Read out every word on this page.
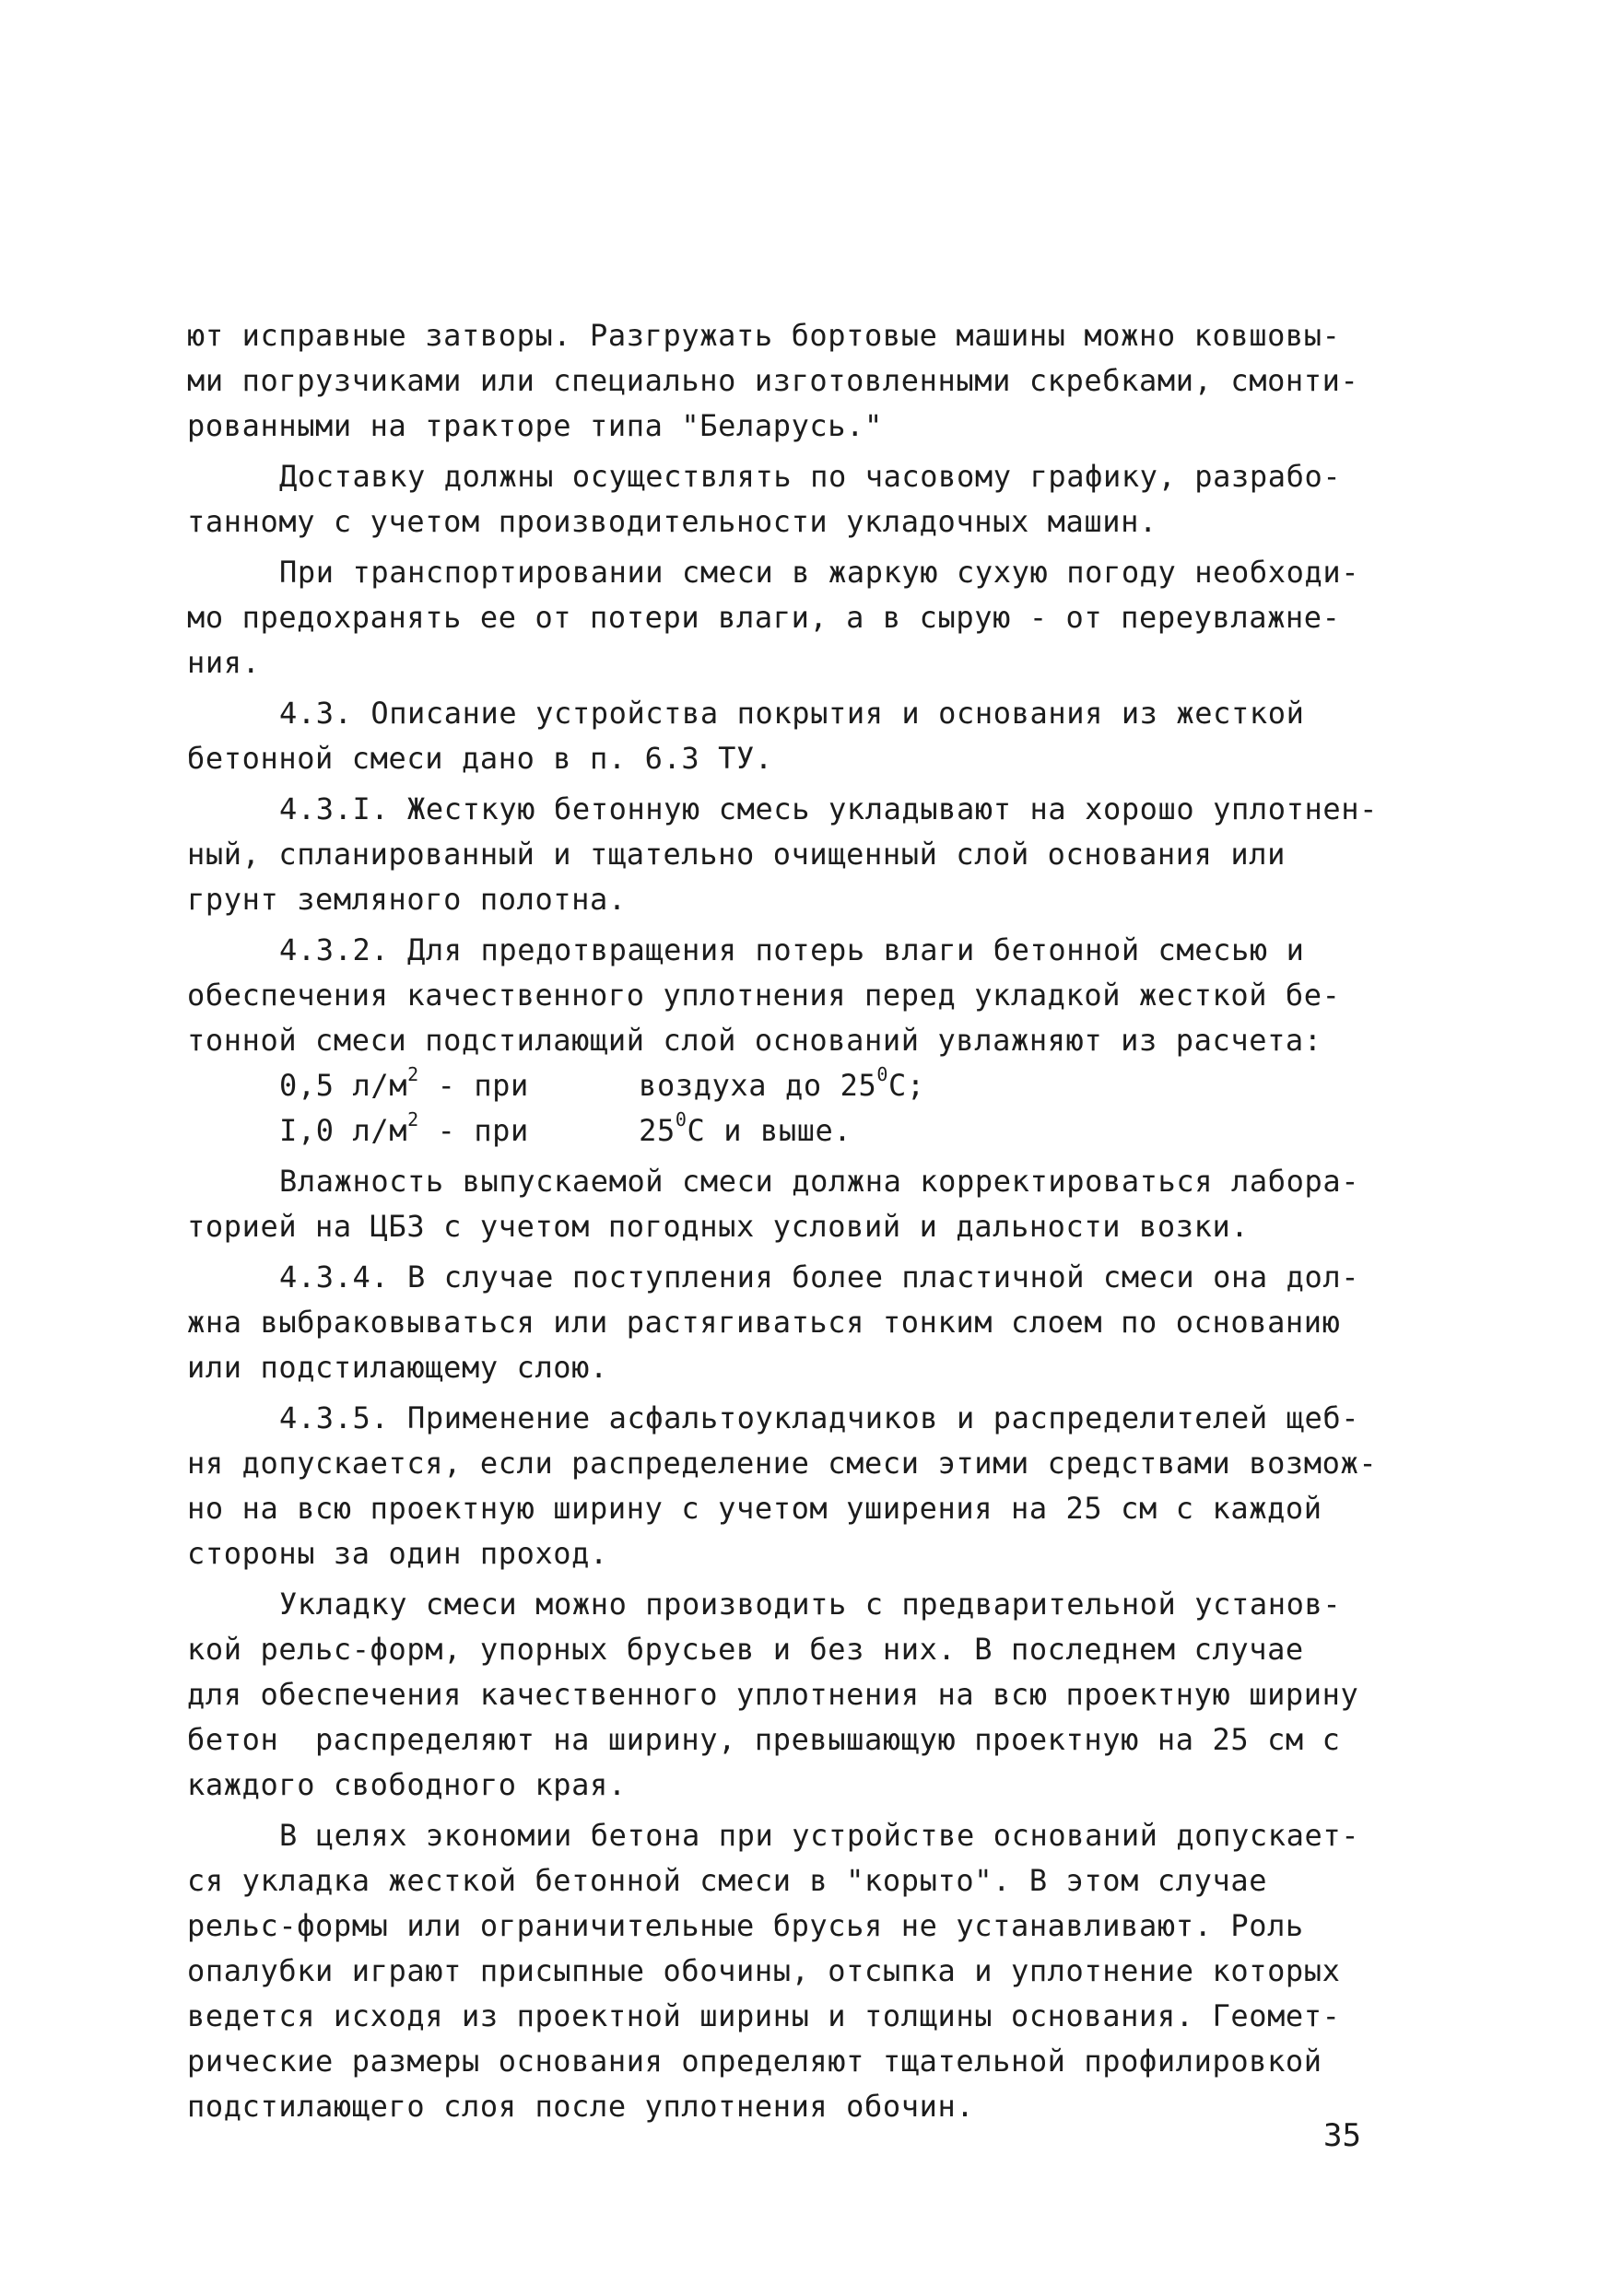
ют исправные затворы. Разгружать бортовые машины можно ковшовы-
ми погрузчиками или специально изготовленными скребками, смонти-
рованными на тракторе типа "Беларусь."
Доставку должны осуществлять по часовому графику, разрабо-
танному с учетом производительности укладочных машин.
При транспортировании смеси в жаркую сухую погоду необходи-
мо предохранять ее от потери влаги, а в сырую - от переувлажне-
ния.
4.3. Описание устройства покрытия и основания из жесткой
бетонной смеси дано в п. 6.3 ТУ.
4.3.I. Жесткую бетонную смесь укладывают на хорошо уплотнен-
ный, спланированный и тщательно очищенный слой основания или
грунт земляного полотна.
4.3.2. Для предотвращения потерь влаги бетонной смесью и
обеспечения качественного уплотнения перед укладкой жесткой бе-
тонной смеси подстилающий слой оснований увлажняют из расчета:
0,5 $л/м^2$ - при      воздуха до $25^0С$;
I,0 $л/м^2$ - при      $25^0С$ и выше.
Влажность выпускаемой смеси должна корректироваться лабора-
торией на ЦБЗ с учетом погодных условий и дальности возки.
4.3.4. В случае поступления более пластичной смеси она дол-
жна выбраковываться или растягиваться тонким слоем по основанию
или подстилающему слою.
4.3.5. Применение асфальтоукладчиков и распределителей щеб-
ня допускается, если распределение смеси этими средствами возмож-
но на всю проектную ширину с учетом уширения на 25 см с каждой
стороны за один проход.
Укладку смеси можно производить с предварительной установ-
кой рельс-форм, упорных брусьев и без них. В последнем случае
для обеспечения качественного уплотнения на всю проектную ширину
бетон  распределяют на ширину, превышающую проектную на 25 см с
каждого свободного края.
В целях экономии бетона при устройстве оснований допускает-
ся укладка жесткой бетонной смеси в "корыто". В этом случае
рельс-формы или ограничительные брусья не устанавливают. Роль
опалубки играют присыпные обочины, отсыпка и уплотнение которых
ведется исходя из проектной ширины и толщины основания. Геомет-
рические размеры основания определяют тщательной профилировкой
подстилающего слоя после уплотнения обочин.
35
